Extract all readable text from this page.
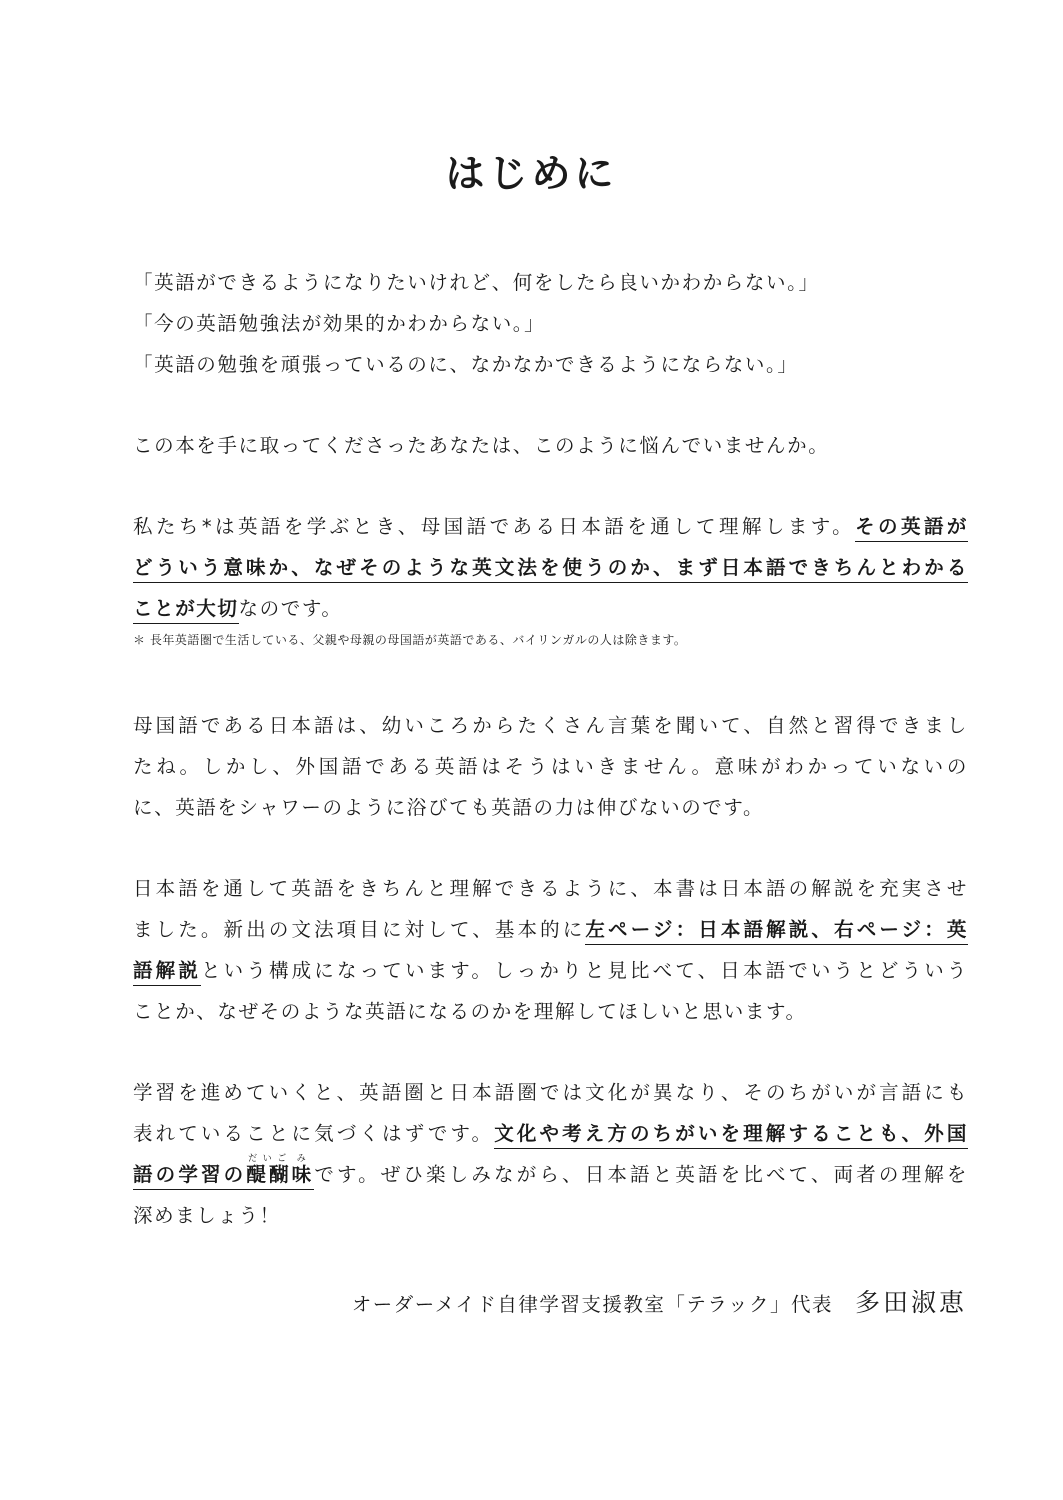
はじめに
「英語ができるようになりたいけれど、何をしたら良いかわからない。」
「今の英語勉強法が効果的かわからない。」
「英語の勉強を頑張っているのに、なかなかできるようにならない。」
この本を手に取ってくださったあなたは、このように悩んでいませんか。
私たち*は英語を学ぶとき、母国語である日本語を通して理解します。その英語が
どういう意味か、なぜそのような英文法を使うのか、まず日本語できちんとわかる
ことが大切なのです。
＊ 長年英語圏で生活している、父親や母親の母国語が英語である、バイリンガルの人は除きます。
母国語である日本語は、幼いころからたくさん言葉を聞いて、自然と習得できまし
たね。しかし、外国語である英語はそうはいきません。意味がわかっていないの
に、英語をシャワーのように浴びても英語の力は伸びないのです。
日本語を通して英語をきちんと理解できるように、本書は日本語の解説を充実させ
ました。新出の文法項目に対して、基本的に左ページ：日本語解説、右ページ：英
語解説という構成になっています。しっかりと見比べて、日本語でいうとどういう
ことか、なぜそのような英語になるのかを理解してほしいと思います。
学習を進めていくと、英語圏と日本語圏では文化が異なり、そのちがいが言語にも
表れていることに気づくはずです。文化や考え方のちがいを理解することも、外国
語の学習の醍醐だいご味みです。ぜひ楽しみながら、日本語と英語を比べて、両者の理解を
深めましょう！
オーダーメイド自律学習支援教室「テラック」代表 多田淑恵
